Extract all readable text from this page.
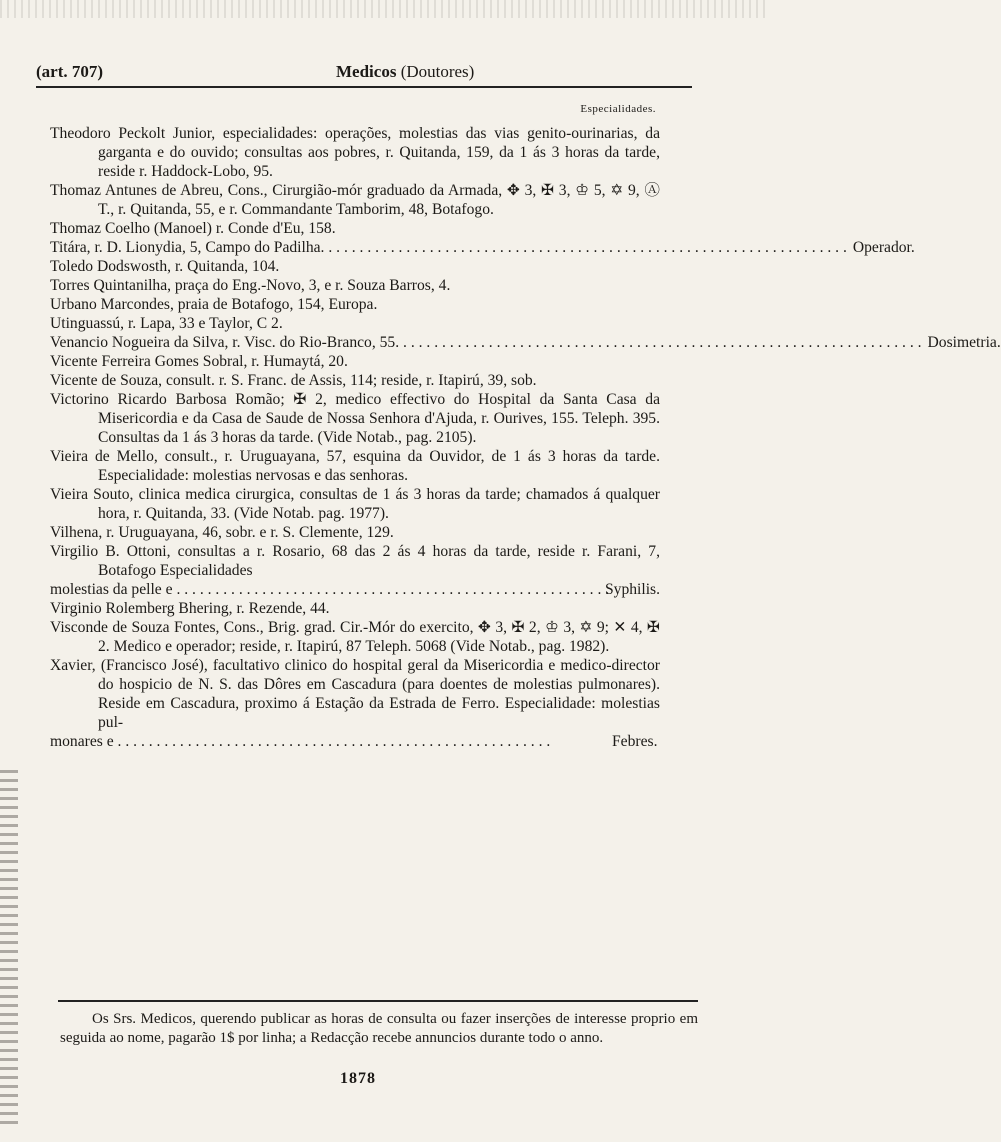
(art. 707)	Medicos (Doutores)
Especialidades.
Theodoro Peckolt Junior, especialidades: operações, molestias das vias genito-ourinarias, da garganta e do ouvido; consultas aos pobres, r. Quitanda, 159, da 1 ás 3 horas da tarde, reside r. Haddock-Lobo, 95.
Thomaz Antunes de Abreu, Cons., Cirurgião-mór graduado da Armada, ✥ 3, ✠ 3, ♔ 5, ✡ 9, Ⓐ T., r. Quitanda, 55, e r. Commandante Tamborim, 48, Botafogo.
Thomaz Coelho (Manoel) r. Conde d'Eu, 158.
Titára, r. D. Lionydia, 5, Campo do Padilha. . . .	Operador.
Toledo Dodswosth, r. Quitanda, 104.
Torres Quintanilha, praça do Eng.-Novo, 3, e r. Souza Barros, 4.
Urbano Marcondes, praia de Botafogo, 154, Europa.
Utinguassú, r. Lapa, 33 e Taylor, C 2.
Venancio Nogueira da Silva, r. Visc. do Rio-Branco, 55. . . .	Dosimetria.
Vicente Ferreira Gomes Sobral, r. Humaytá, 20.
Vicente de Souza, consult. r. S. Franc. de Assis, 114; reside, r. Itapirú, 39, sob.
Victorino Ricardo Barbosa Romão; ✠ 2, medico effectivo do Hospital da Santa Casa da Misericordia e da Casa de Saude de Nossa Senhora d'Ajuda, r. Ourives, 155. Teleph. 395. Consultas da 1 ás 3 horas da tarde. (Vide Notab., pag. 2105).
Vieira de Mello, consult., r. Uruguayana, 57, esquina da Ouvidor, de 1 ás 3 horas da tarde. Especialidade: molestias nervosas e das senhoras.
Vieira Souto, clinica medica cirurgica, consultas de 1 ás 3 horas da tarde; chamados á qualquer hora, r. Quitanda, 33. (Vide Notab. pag. 1977).
Vilhena, r. Uruguayana, 46, sobr. e r. S. Clemente, 129.
Virgilio B. Ottoni, consultas a r. Rosario, 68 das 2 ás 4 horas da tarde, reside r. Farani, 7, Botafogo Especialidades
molestias da pelle e . . .	Syphilis.
Virginio Rolemberg Bhering, r. Rezende, 44.
Visconde de Souza Fontes, Cons., Brig. grad. Cir.-Mór do exercito, ✥ 3, ✠ 2, ♔ 3, ✡ 9; ✕ 4, ✠ 2. Medico e operador; reside, r. Itapirú, 87 Teleph. 5068 (Vide Notab., pag. 1982).
Xavier, (Francisco José), facultativo clinico do hospital geral da Misericordia e medico-director do hospicio de N. S. das Dôres em Cascadura (para doentes de molestias pulmonares). Reside em Cascadura, proximo á Estação da Estrada de Ferro. Especialidade: molestias pul-
monares e . . .	Febres.
Os Srs. Medicos, querendo publicar as horas de consulta ou fazer inserções de interesse proprio em seguida ao nome, pagarão 1$ por linha; a Redacção recebe annuncios durante todo o anno.
1878
